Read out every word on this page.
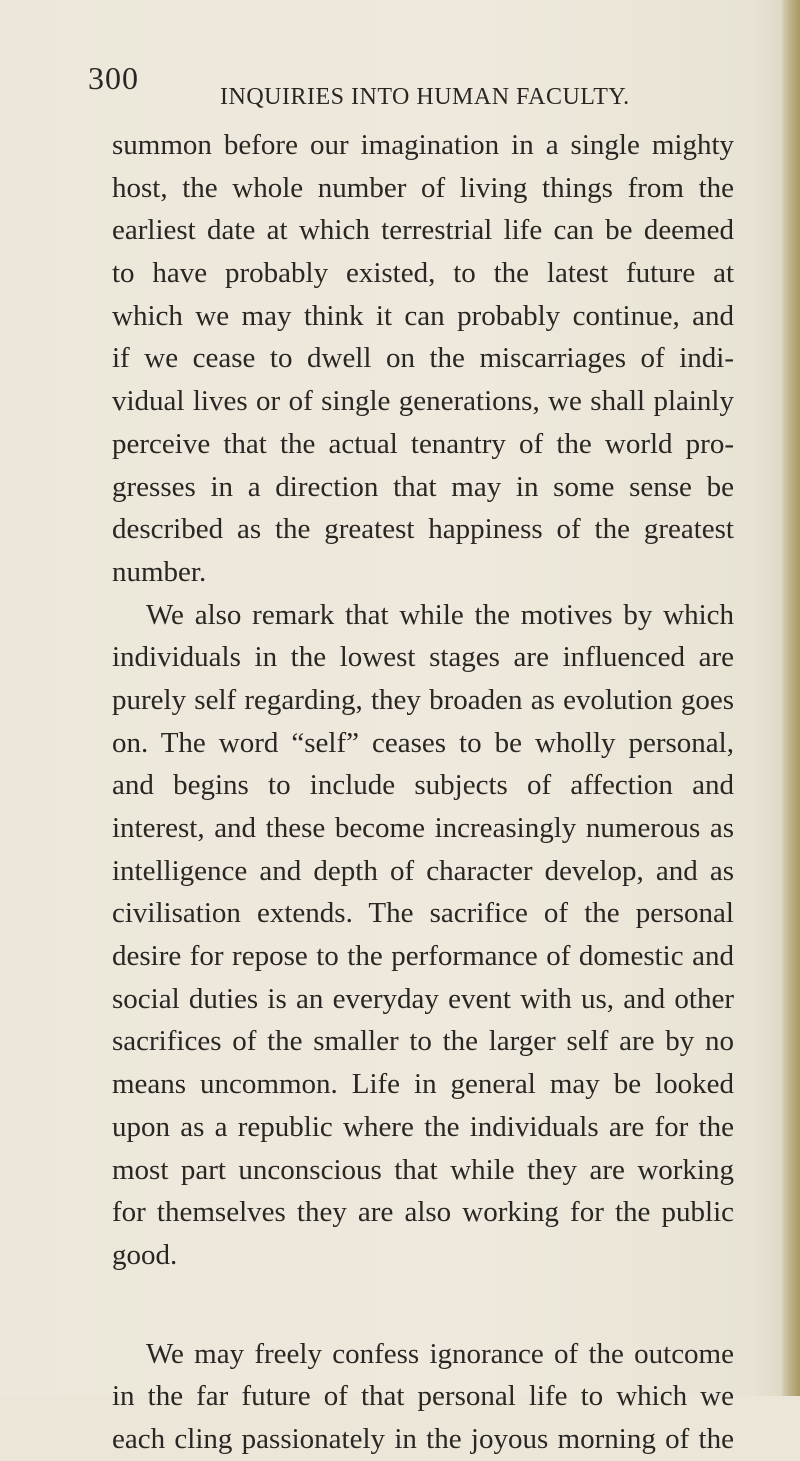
300
INQUIRIES INTO HUMAN FACULTY.
summon before our imagination in a single mighty
host, the whole number of living things from the
earliest date at which terrestrial life can be deemed
to have probably existed, to the latest future at
which we may think it can probably continue, and
if we cease to dwell on the miscarriages of indi-
vidual lives or of single generations, we shall plainly
perceive that the actual tenantry of the world pro-
gresses in a direction that may in some sense be
described as the greatest happiness of the greatest
number.
We also remark that while the motives by which
individuals in the lowest stages are influenced are
purely self regarding, they broaden as evolution goes
on. The word “self” ceases to be wholly personal,
and begins to include subjects of affection and
interest, and these become increasingly numerous as
intelligence and depth of character develop, and as
civilisation extends. The sacrifice of the personal
desire for repose to the performance of domestic and
social duties is an everyday event with us, and other
sacrifices of the smaller to the larger self are by no
means uncommon. Life in general may be looked
upon as a republic where the individuals are for the
most part unconscious that while they are working
for themselves they are also working for the public
good.
We may freely confess ignorance of the outcome
in the far future of that personal life to which we
each cling passionately in the joyous morning of the
